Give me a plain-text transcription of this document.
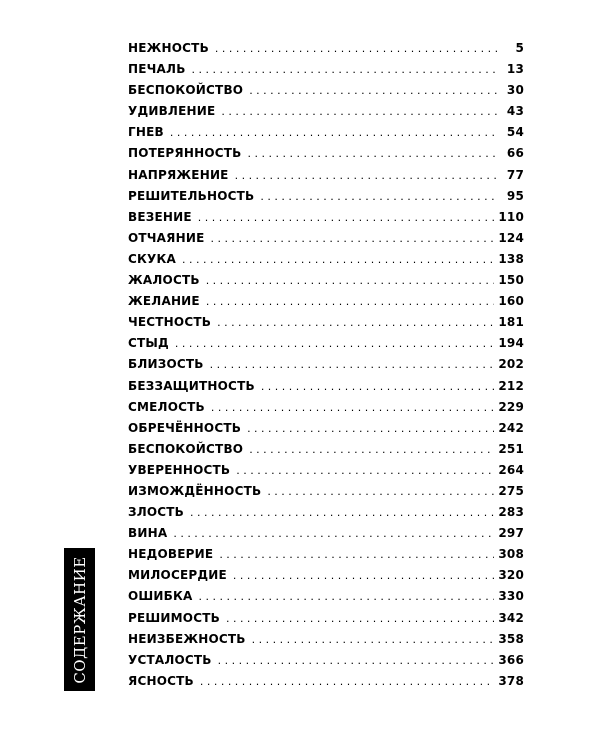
НЕЖНОСТЬ . . .	5
ПЕЧАЛЬ . . .	13
БЕСПОКОЙСТВО . . .	30
УДИВЛЕНИЕ . . .	43
ГНЕВ . . .	54
ПОТЕРЯННОСТЬ . . .	66
НАПРЯЖЕНИЕ . . .	77
РЕШИТЕЛЬНОСТЬ . . .	95
ВЕЗЕНИЕ . . .	110
ОТЧАЯНИЕ . . .	124
СКУКА . . .	138
ЖАЛОСТЬ . . .	150
ЖЕЛАНИЕ . . .	160
ЧЕСТНОСТЬ . . .	181
СТЫД . . .	194
БЛИЗОСТЬ . . .	202
БЕЗЗАЩИТНОСТЬ . . .	212
СМЕЛОСТЬ . . .	229
ОБРЕЧЁННОСТЬ . . .	242
БЕСПОКОЙСТВО . . .	251
УВЕРЕННОСТЬ . . .	264
ИЗМОЖДЁННОСТЬ . . .	275
ЗЛОСТЬ . . .	283
ВИНА . . .	297
НЕДОВЕРИЕ . . .	308
МИЛОСЕРДИЕ . . .	320
ОШИБКА . . .	330
РЕШИМОСТЬ . . .	342
НЕИЗБЕЖНОСТЬ . . .	358
УСТАЛОСТЬ . . .	366
ЯСНОСТЬ . . .	378
СОДЕРЖАНИЕ
